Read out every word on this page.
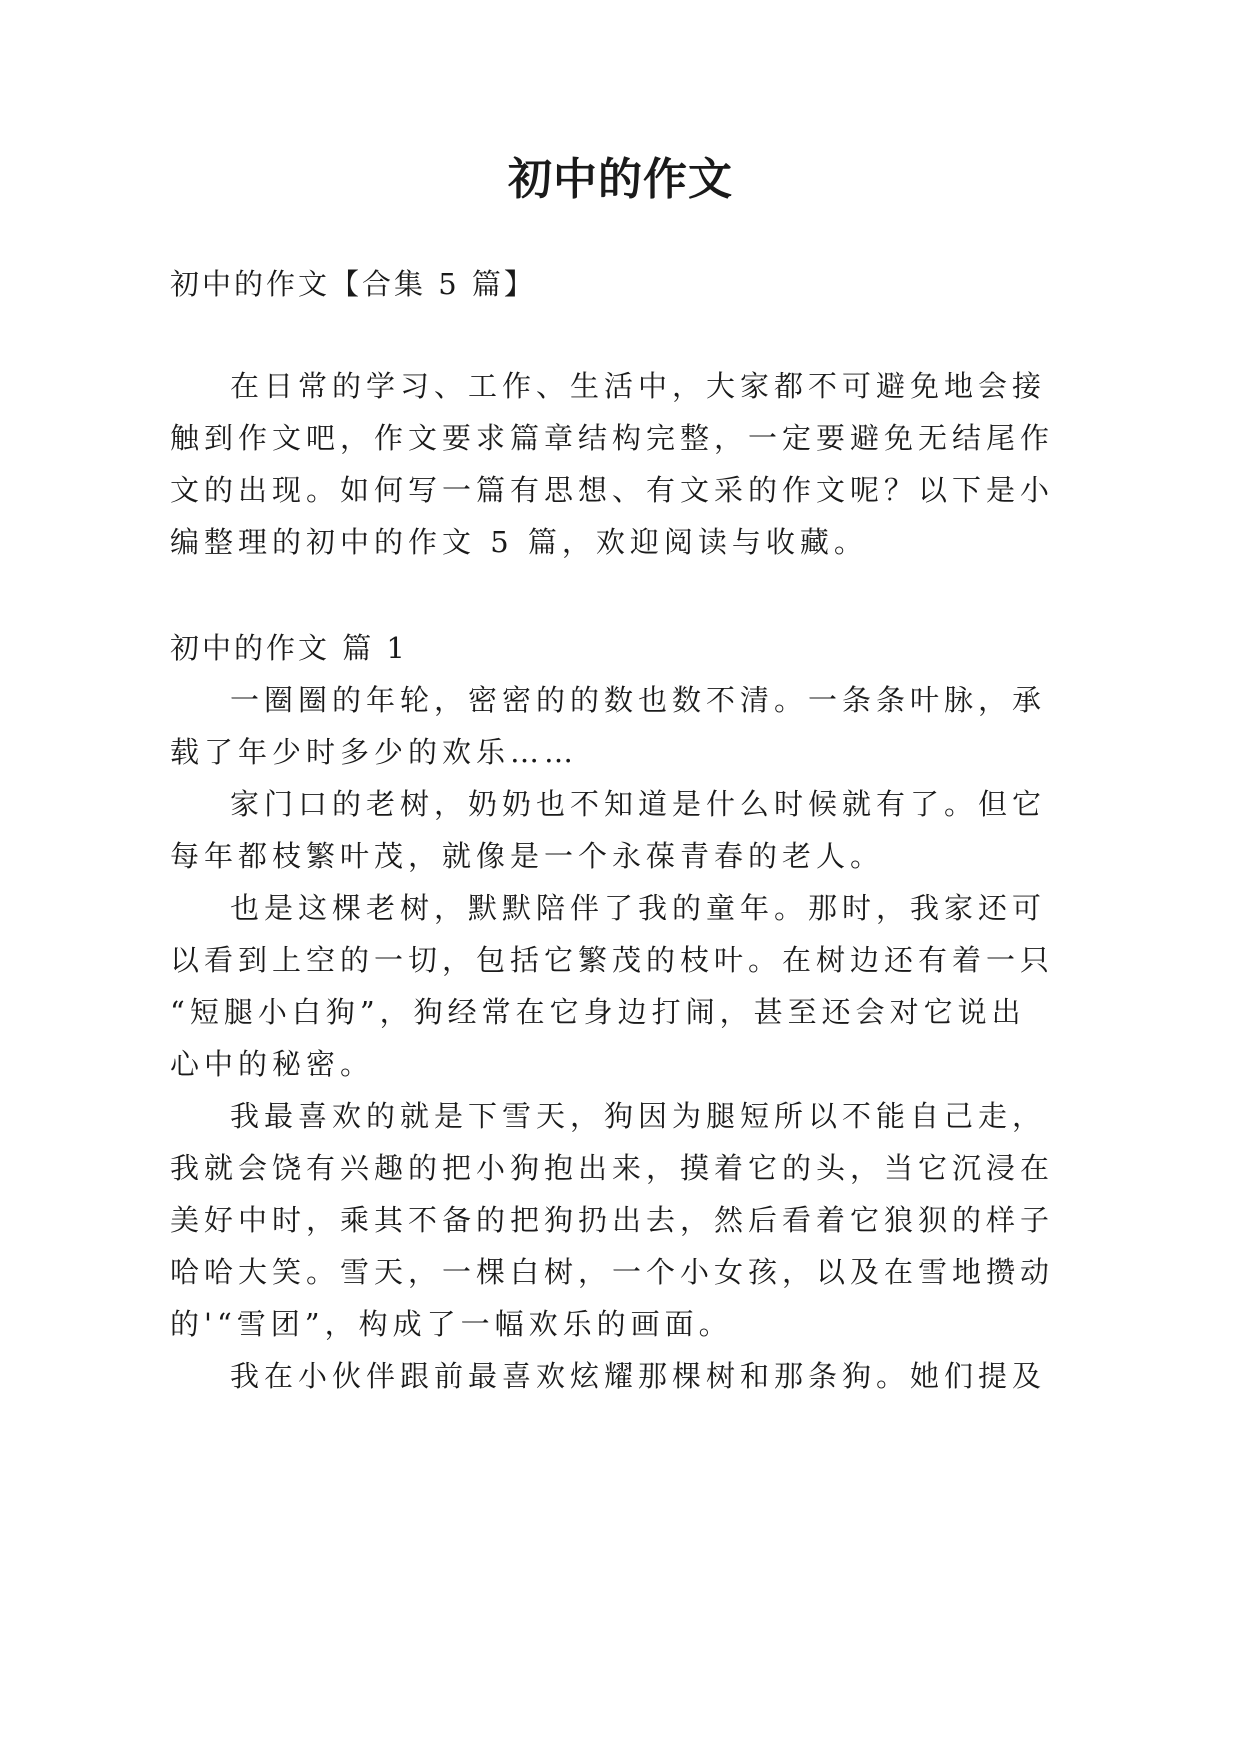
初中的作文
初中的作文【合集 5 篇】
在日常的学习、工作、生活中，大家都不可避免地会接
触到作文吧，作文要求篇章结构完整，一定要避免无结尾作
文的出现。如何写一篇有思想、有文采的作文呢？以下是小
编整理的初中的作文 5 篇，欢迎阅读与收藏。
初中的作文 篇 1
一圈圈的年轮，密密的的数也数不清。一条条叶脉，承
载了年少时多少的欢乐……
家门口的老树，奶奶也不知道是什么时候就有了。但它
每年都枝繁叶茂，就像是一个永葆青春的老人。
也是这棵老树，默默陪伴了我的童年。那时，我家还可
以看到上空的一切，包括它繁茂的枝叶。在树边还有着一只
“短腿小白狗”，狗经常在它身边打闹，甚至还会对它说出
心中的秘密。
我最喜欢的就是下雪天，狗因为腿短所以不能自己走，
我就会饶有兴趣的把小狗抱出来，摸着它的头，当它沉浸在
美好中时，乘其不备的把狗扔出去，然后看着它狼狈的样子
哈哈大笑。雪天，一棵白树，一个小女孩，以及在雪地攒动
的'“雪团”，构成了一幅欢乐的画面。
我在小伙伴跟前最喜欢炫耀那棵树和那条狗。她们提及
